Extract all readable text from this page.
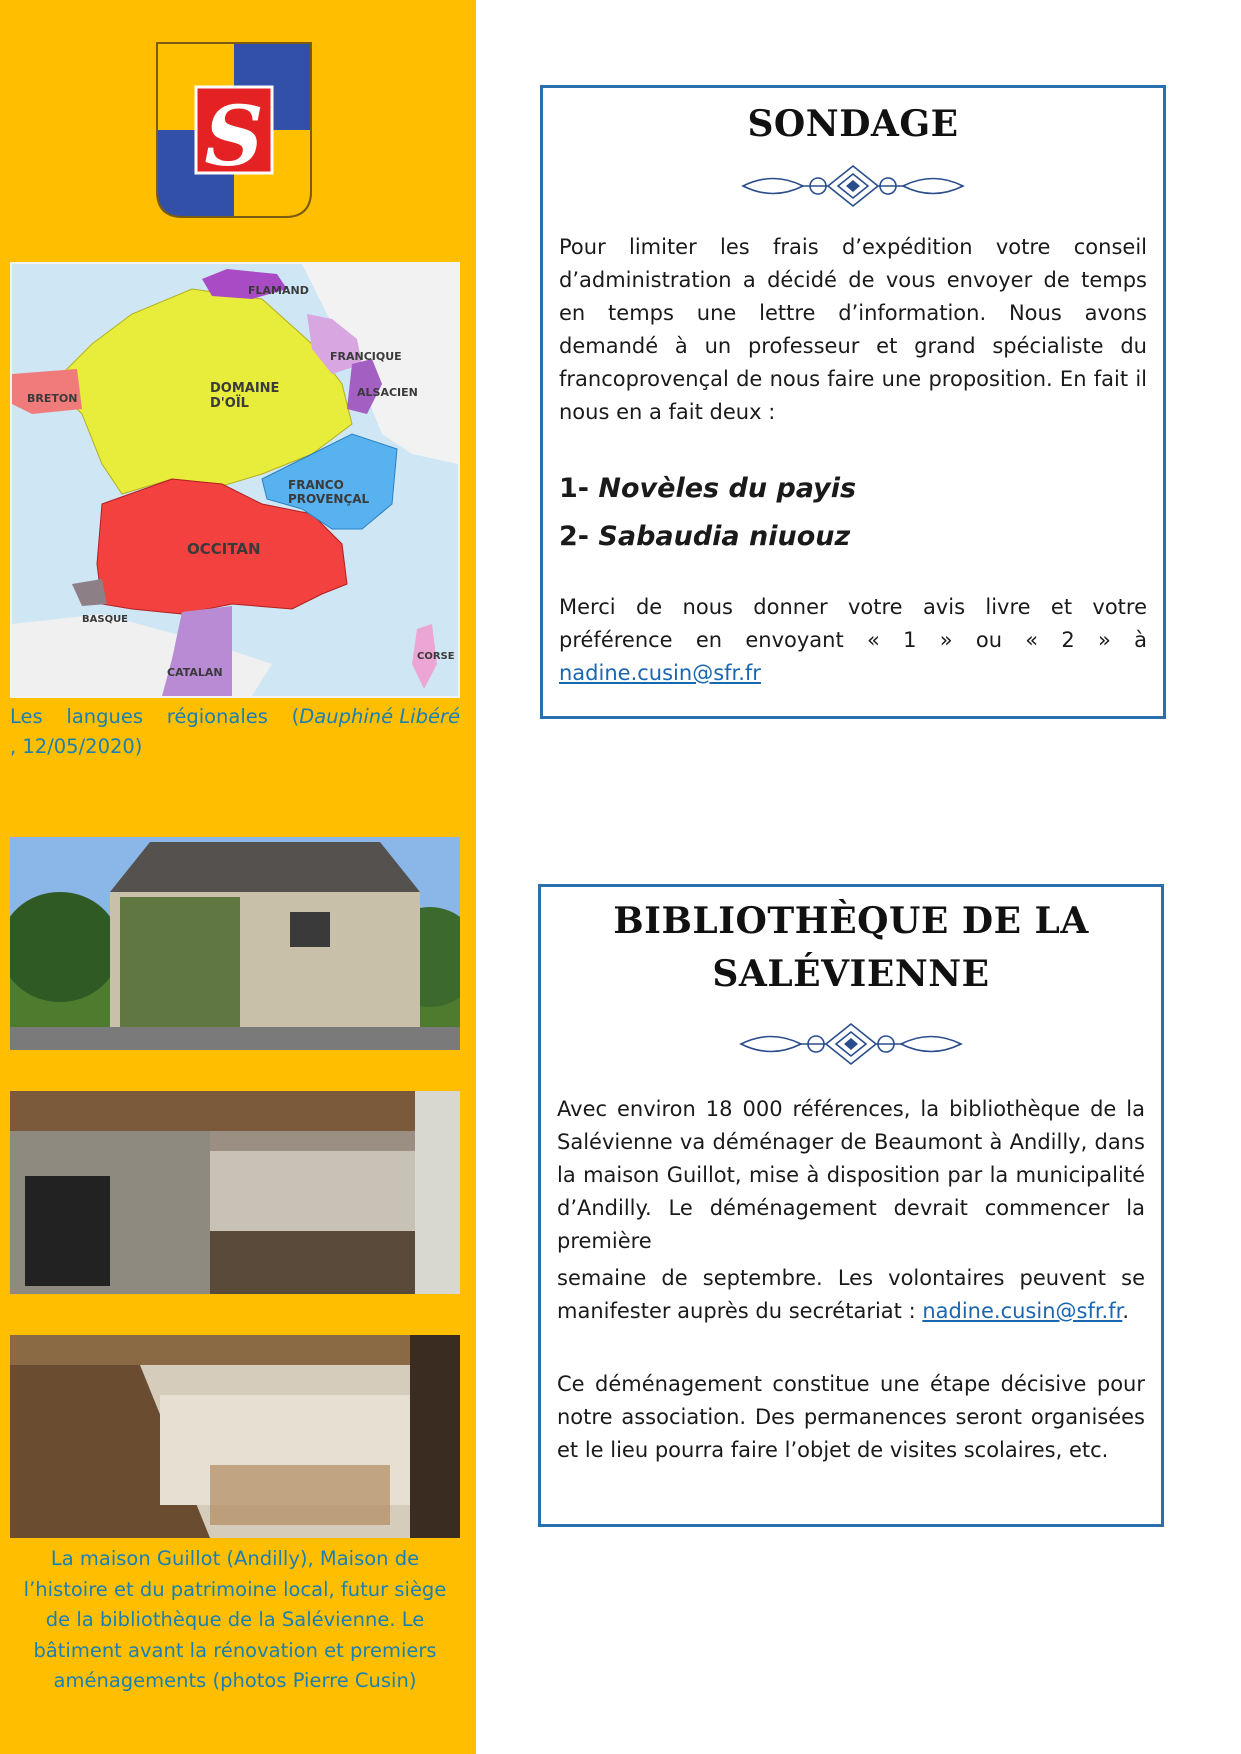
S
FLAMAND
FRANCIQUE
BRETON
DOMAINE
D'OÏL
ALSACIEN
FRANCO
PROVENÇAL
OCCITAN
BASQUE
CATALAN
CORSE
Les langues régionales (Dauphiné Libéré
, 12/05/2020)
La maison Guillot (Andilly), Maison de l’histoire et du patrimoine local, futur siège de la bibliothèque de la Salévienne. Le bâtiment avant la rénovation et premiers aménagements (photos Pierre Cusin)
SONDAGE

Pour limiter les frais d’expédition votre conseil d’administration a décidé de vous envoyer de temps en temps une lettre d’information. Nous avons demandé à un professeur et grand spécialiste du francoprovençal de nous faire une proposition. En fait il nous en a fait deux :

1- Novèles du payis

2- Sabaudia niuouz

Merci de nous donner votre avis livre et votre préférence en envoyant « 1 » ou « 2 » à nadine.cusin@sfr.fr

BIBLIOTHÈQUE DE LA
SALÉVIENNE

Avec environ 18 000 références, la bibliothèque de la Salévienne va déménager de Beaumont à Andilly, dans la maison Guillot, mise à disposition par la municipalité d’Andilly. Le déménagement devrait commencer la première

semaine de septembre. Les volontaires peuvent se manifester auprès du secrétariat : nadine.cusin@sfr.fr.

Ce déménagement constitue une étape décisive pour notre association. Des permanences seront organisées et le lieu pourra faire l’objet de visites scolaires, etc.
